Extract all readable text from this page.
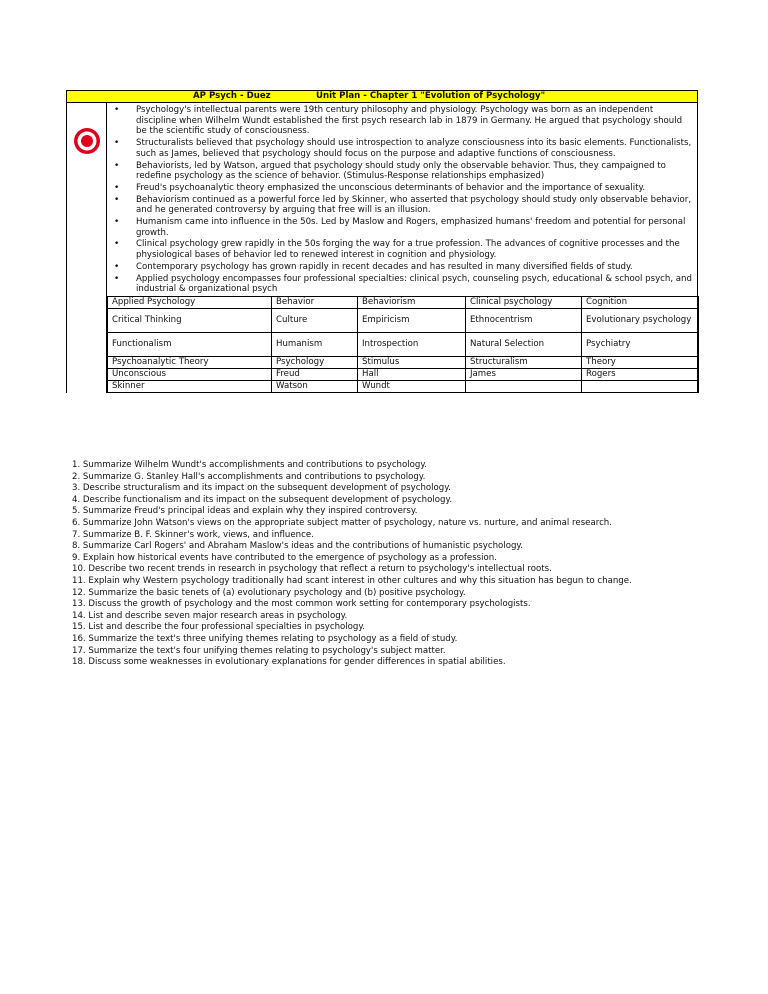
AP Psych - Duez	Unit Plan - Chapter 1 "Evolution of Psychology"
• Psychology's intellectual parents were 19th century philosophy and physiology. Psychology was born as an independent discipline when Wilhelm Wundt established the first psych research lab in 1879 in Germany. He argued that psychology should be the scientific study of consciousness.
• Structuralists believed that psychology should use introspection to analyze consciousness into its basic elements. Functionalists, such as James, believed that psychology should focus on the purpose and adaptive functions of consciousness.
• Behaviorists, led by Watson, argued that psychology should study only the observable behavior. Thus, they campaigned to redefine psychology as the science of behavior. (Stimulus-Response relationships emphasized)
• Freud's psychoanalytic theory emphasized the unconscious determinants of behavior and the importance of sexuality.
• Behaviorism continued as a powerful force led by Skinner, who asserted that psychology should study only observable behavior, and he generated controversy by arguing that free will is an illusion.
• Humanism came into influence in the 50s. Led by Maslow and Rogers, emphasized humans' freedom and potential for personal growth.
• Clinical psychology grew rapidly in the 50s forging the way for a true profession. The advances of cognitive processes and the physiological bases of behavior led to renewed interest in cognition and physiology.
• Contemporary psychology has grown rapidly in recent decades and has resulted in many diversified fields of study.
• Applied psychology encompasses four professional specialties: clinical psych, counseling psych, educational & school psych, and industrial & organizational psych
Applied Psychology	Behavior	Behaviorism	Clinical psychology	Cognition
Critical Thinking	Culture	Empiricism	Ethnocentrism	Evolutionary psychology
Functionalism	Humanism	Introspection	Natural Selection	Psychiatry
Psychoanalytic Theory	Psychology	Stimulus	Structuralism	Theory
Unconscious	Freud	Hall	James	Rogers
Skinner	Watson	Wundt		
1. Summarize Wilhelm Wundt's accomplishments and contributions to psychology.
2. Summarize G. Stanley Hall's accomplishments and contributions to psychology.
3. Describe structuralism and its impact on the subsequent development of psychology.
4. Describe functionalism and its impact on the subsequent development of psychology.
5. Summarize Freud's principal ideas and explain why they inspired controversy.
6. Summarize John Watson's views on the appropriate subject matter of psychology, nature vs. nurture, and animal research.
7. Summarize B. F. Skinner's work, views, and influence.
8. Summarize Carl Rogers' and Abraham Maslow's ideas and the contributions of humanistic psychology.
9. Explain how historical events have contributed to the emergence of psychology as a profession.
10. Describe two recent trends in research in psychology that reflect a return to psychology's intellectual roots.
11. Explain why Western psychology traditionally had scant interest in other cultures and why this situation has begun to change.
12. Summarize the basic tenets of (a) evolutionary psychology and (b) positive psychology.
13. Discuss the growth of psychology and the most common work setting for contemporary psychologists.
14. List and describe seven major research areas in psychology.
15. List and describe the four professional specialties in psychology.
16. Summarize the text's three unifying themes relating to psychology as a field of study.
17. Summarize the text's four unifying themes relating to psychology's subject matter.
18. Discuss some weaknesses in evolutionary explanations for gender differences in spatial abilities.
